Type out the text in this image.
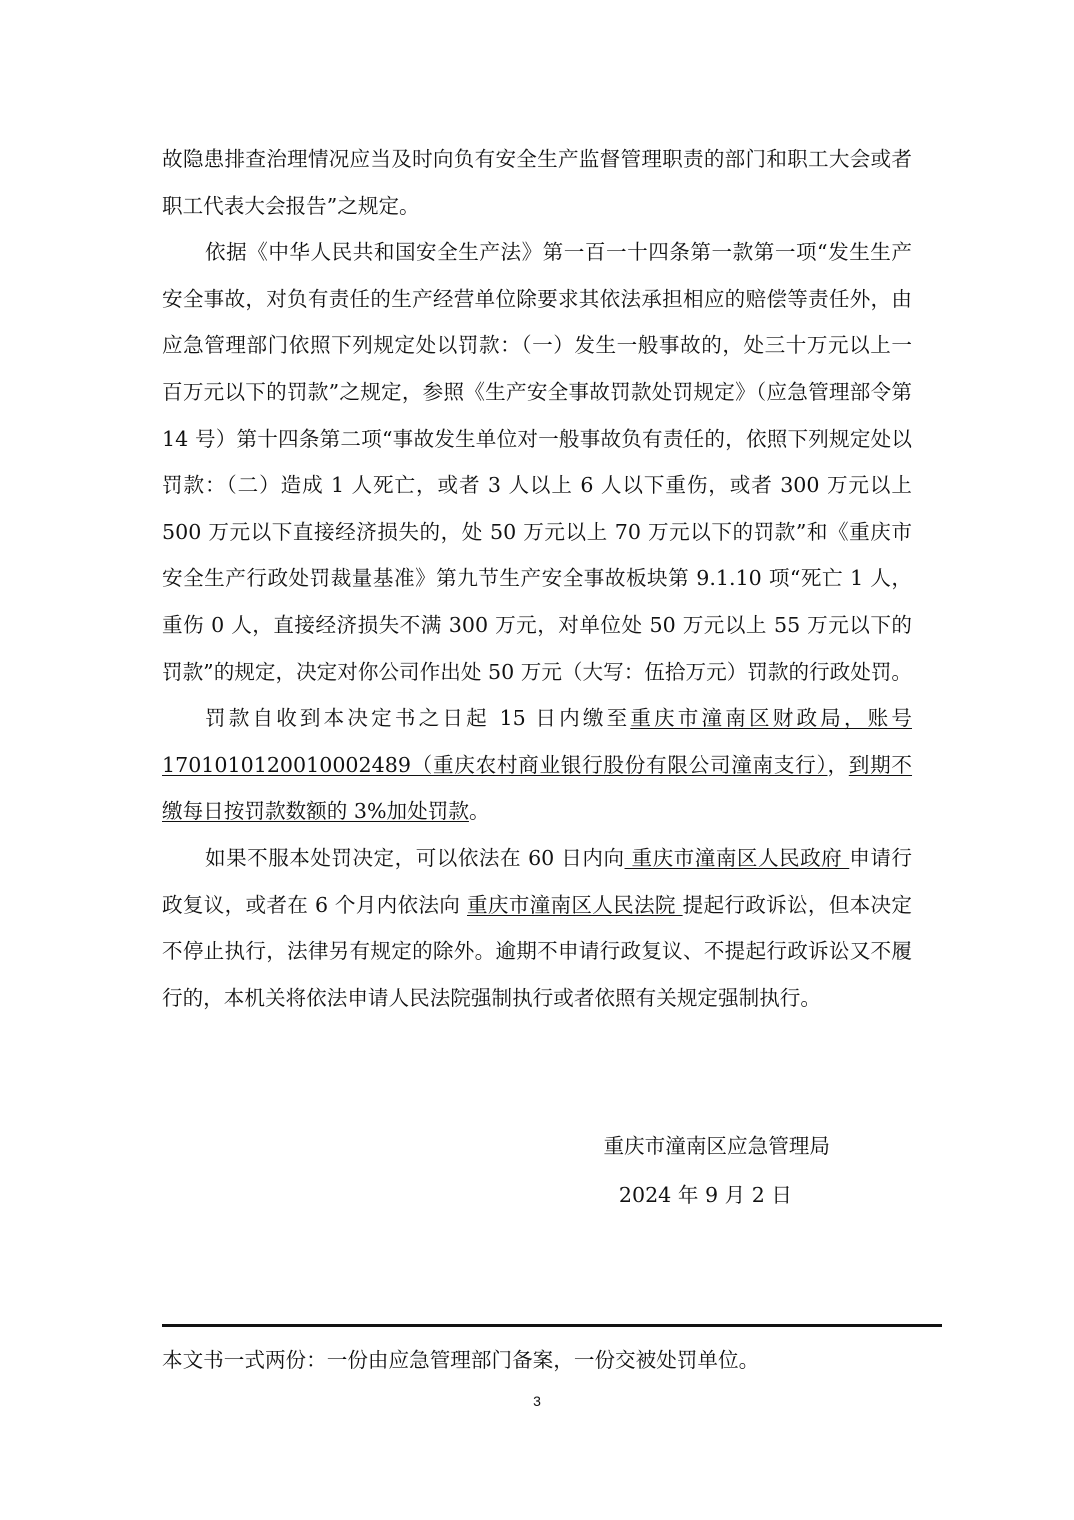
故隐患排查治理情况应当及时向负有安全生产监督管理职责的部门和职工大会或者职工代表大会报告”之规定。

依据《中华人民共和国安全生产法》第一百一十四条第一款第一项“发生生产安全事故，对负有责任的生产经营单位除要求其依法承担相应的赔偿等责任外，由应急管理部门依照下列规定处以罚款：（一）发生一般事故的，处三十万元以上一百万元以下的罚款”之规定，参照《生产安全事故罚款处罚规定》（应急管理部令第 14 号）第十四条第二项“事故发生单位对一般事故负有责任的，依照下列规定处以罚款：（二）造成 1 人死亡，或者 3 人以上 6 人以下重伤，或者 300 万元以上 500 万元以下直接经济损失的，处 50 万元以上 70 万元以下的罚款”和《重庆市安全生产行政处罚裁量基准》第九节生产安全事故板块第 9.1.10 项“死亡 1 人，重伤 0 人，直接经济损失不满 300 万元，对单位处 50 万元以上 55 万元以下的罚款”的规定，决定对你公司作出处 50 万元（大写：伍拾万元）罚款的行政处罚。

罚款自收到本决定书之日起 15 日内缴至重庆市潼南区财政局，账号 1701010120010002489（重庆农村商业银行股份有限公司潼南支行），到期不缴每日按罚款数额的 3%加处罚款。

如果不服本处罚决定，可以依法在 60 日内向 重庆市潼南区人民政府 申请行政复议，或者在 6 个月内依法向 重庆市潼南区人民法院 提起行政诉讼，但本决定不停止执行，法律另有规定的除外。逾期不申请行政复议、不提起行政诉讼又不履行的，本机关将依法申请人民法院强制执行或者依照有关规定强制执行。

重庆市潼南区应急管理局
2024 年 9 月 2 日
本文书一式两份：一份由应急管理部门备案，一份交被处罚单位。
3
